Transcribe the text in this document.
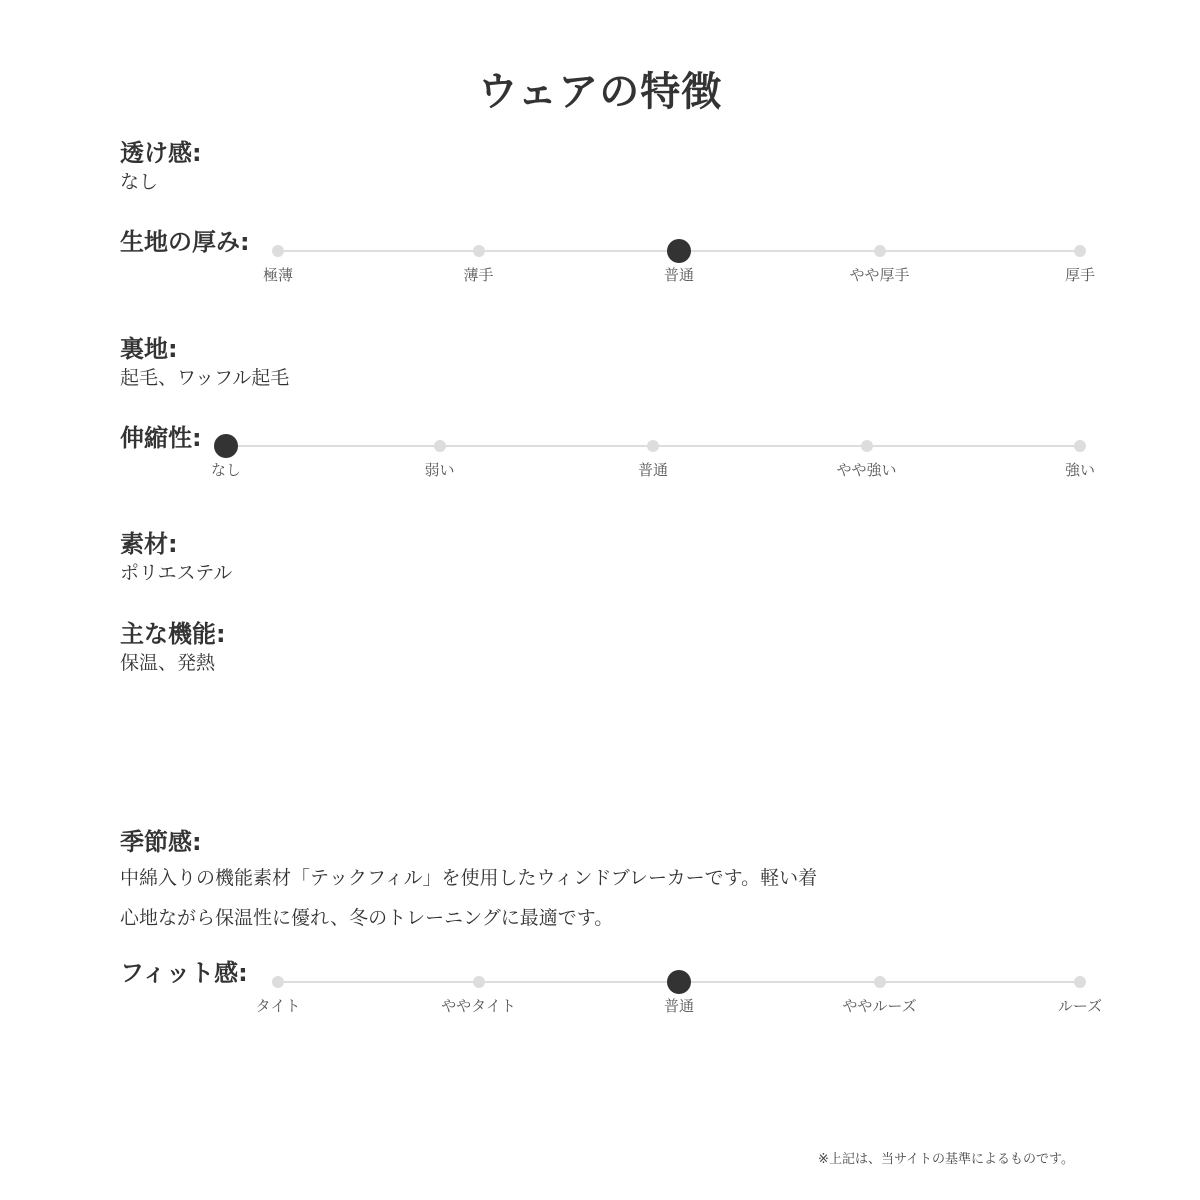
ウェアの特徴
透け感:
なし
生地の厚み:
極薄	薄手	普通	やや厚手	厚手
裏地:
起毛、ワッフル起毛
伸縮性:
なし	弱い	普通	やや強い	強い
素材:
ポリエステル
主な機能:
保温、発熱
季節感:
中綿入りの機能素材「テックフィル」を使用したウィンドブレーカーです。軽い着
心地ながら保温性に優れ、冬のトレーニングに最適です。
フィット感:
タイト	ややタイト	普通	ややルーズ	ルーズ
※上記は、当サイトの基準によるものです。
